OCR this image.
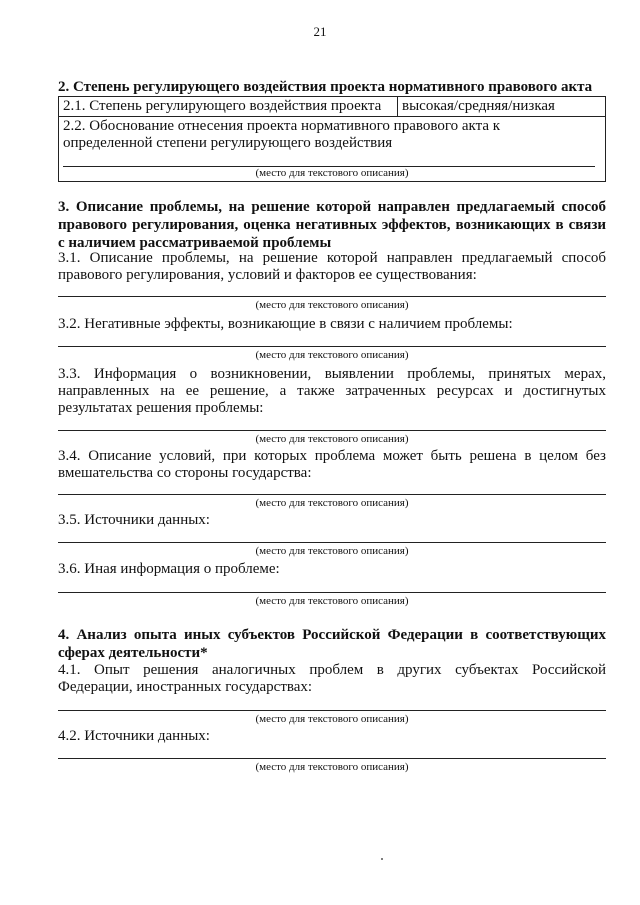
21
2. Степень регулирующего воздействия проекта нормативного правового акта
2.1. Степень регулирующего воздействия проекта	высокая/средняя/низкая

2.2. Обоснование отнесения проекта нормативного правового акта к определенной степени регулирующего воздействия
(место для текстового описания)
3. Описание проблемы, на решение которой направлен предлагаемый способ
правового регулирования, оценка негативных эффектов, возникающих в связи
с наличием рассматриваемой проблемы
3.1. Описание проблемы, на решение которой направлен предлагаемый способ
правового регулирования, условий и факторов ее существования:
(место для текстового описания)
3.2. Негативные эффекты, возникающие в связи с наличием проблемы:
(место для текстового описания)
3.3. Информация о возникновении, выявлении проблемы, принятых мерах,
направленных на ее решение, а также затраченных ресурсах и достигнутых
результатах решения проблемы:
(место для текстового описания)
3.4. Описание условий, при которых проблема может быть решена в целом без
вмешательства со стороны государства:
(место для текстового описания)
3.5. Источники данных:
(место для текстового описания)
3.6. Иная информация о проблеме:
(место для текстового описания)
4. Анализ опыта иных субъектов Российской Федерации в соответствующих
сферах деятельности*
4.1. Опыт решения аналогичных проблем в других субъектах Российской
Федерации, иностранных государствах:
(место для текстового описания)
4.2. Источники данных:
(место для текстового описания)
